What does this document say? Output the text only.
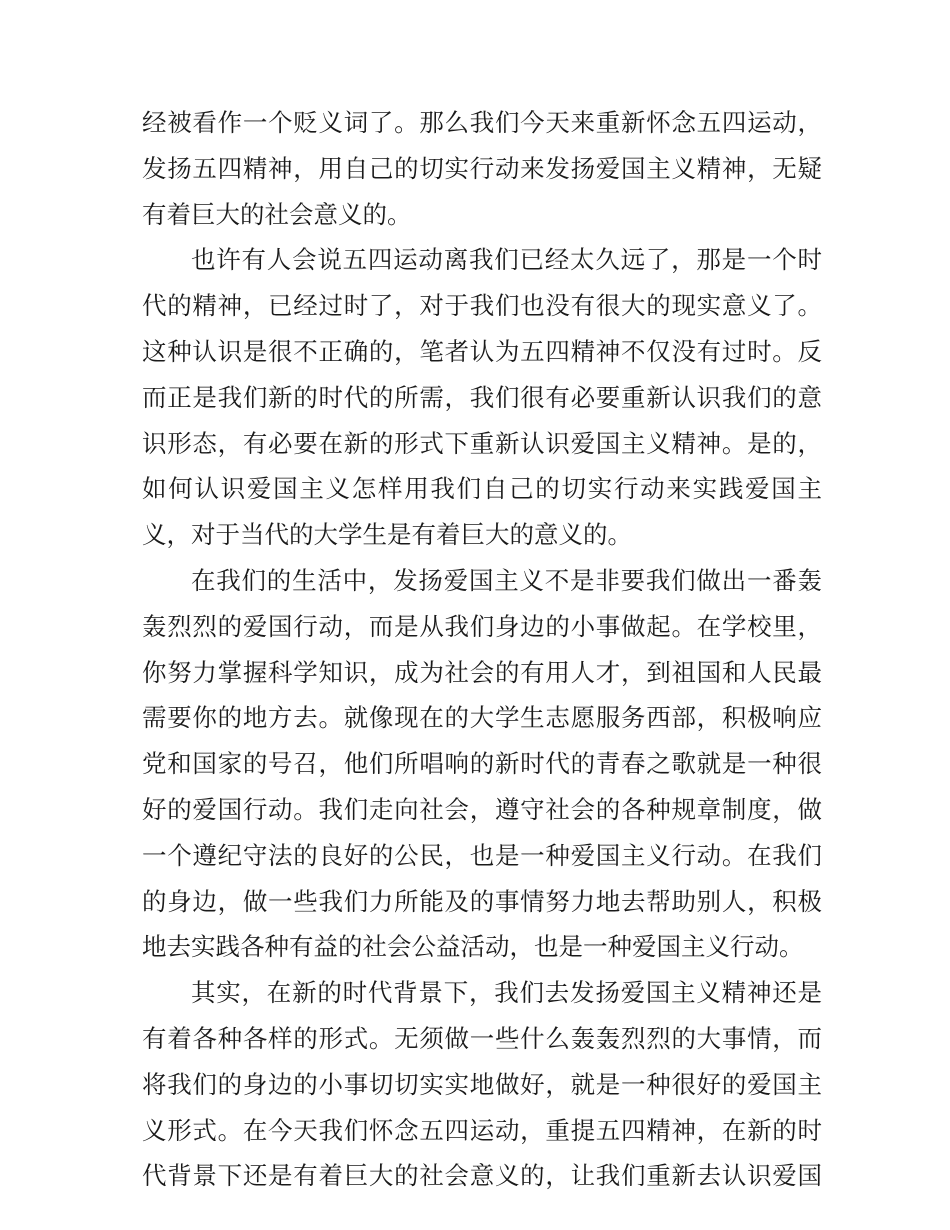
经被看作一个贬义词了。那么我们今天来重新怀念五四运动，
发扬五四精神，用自己的切实行动来发扬爱国主义精神，无疑
有着巨大的社会意义的。
也许有人会说五四运动离我们已经太久远了，那是一个时
代的精神，已经过时了，对于我们也没有很大的现实意义了。
这种认识是很不正确的，笔者认为五四精神不仅没有过时。反
而正是我们新的时代的所需，我们很有必要重新认识我们的意
识形态，有必要在新的形式下重新认识爱国主义精神。是的，
如何认识爱国主义怎样用我们自己的切实行动来实践爱国主
义，对于当代的大学生是有着巨大的意义的。
在我们的生活中，发扬爱国主义不是非要我们做出一番轰
轰烈烈的爱国行动，而是从我们身边的小事做起。在学校里，
你努力掌握科学知识，成为社会的有用人才，到祖国和人民最
需要你的地方去。就像现在的大学生志愿服务西部，积极响应
党和国家的号召，他们所唱响的新时代的青春之歌就是一种很
好的爱国行动。我们走向社会，遵守社会的各种规章制度，做
一个遵纪守法的良好的公民，也是一种爱国主义行动。在我们
的身边，做一些我们力所能及的事情努力地去帮助别人，积极
地去实践各种有益的社会公益活动，也是一种爱国主义行动。
其实，在新的时代背景下，我们去发扬爱国主义精神还是
有着各种各样的形式。无须做一些什么轰轰烈烈的大事情，而
将我们的身边的小事切切实实地做好，就是一种很好的爱国主
义形式。在今天我们怀念五四运动，重提五四精神，在新的时
代背景下还是有着巨大的社会意义的，让我们重新去认识爱国
